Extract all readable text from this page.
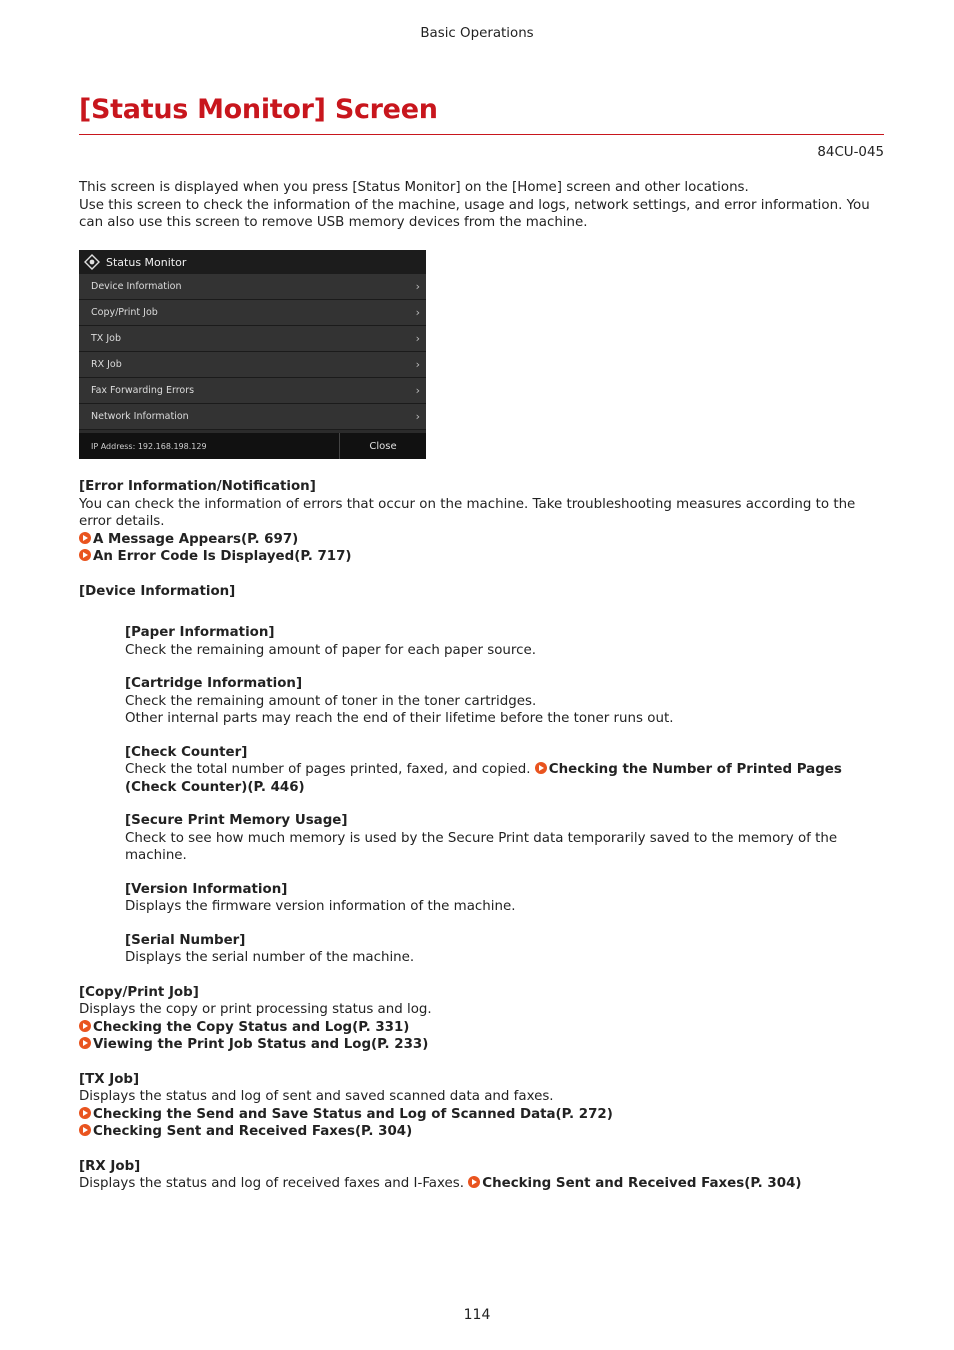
Basic Operations
[Status Monitor] Screen
84CU-045

This screen is displayed when you press [Status Monitor] on the [Home] screen and other locations.

Use this screen to check the information of the machine, usage and logs, network settings, and error information. You can also use this screen to remove USB memory devices from the machine.

Status Monitor
Device Information	›
Copy/Print Job	›
TX Job	›
RX Job	›
Fax Forwarding Errors	›
Network Information	›
IP Address: 192.168.198.129	Close

[Error Information/Notification]

You can check the information of errors that occur on the machine. Take troubleshooting measures according to the error details.

A Message Appears(P. 697)

An Error Code Is Displayed(P. 717)

[Device Information]

[Paper Information]

Check the remaining amount of paper for each paper source.

[Cartridge Information]

Check the remaining amount of toner in the toner cartridges.

Other internal parts may reach the end of their lifetime before the toner runs out.

[Check Counter]

Check the total number of pages printed, faxed, and copied. Checking the Number of Printed Pages (Check Counter)(P. 446)

[Secure Print Memory Usage]

Check to see how much memory is used by the Secure Print data temporarily saved to the memory of the machine.

[Version Information]

Displays the firmware version information of the machine.

[Serial Number]

Displays the serial number of the machine.

[Copy/Print Job]

Displays the copy or print processing status and log.

Checking the Copy Status and Log(P. 331)

Viewing the Print Job Status and Log(P. 233)

[TX Job]

Displays the status and log of sent and saved scanned data and faxes.

Checking the Send and Save Status and Log of Scanned Data(P. 272)

Checking Sent and Received Faxes(P. 304)

[RX Job]

Displays the status and log of received faxes and I-Faxes. Checking Sent and Received Faxes(P. 304)

114
